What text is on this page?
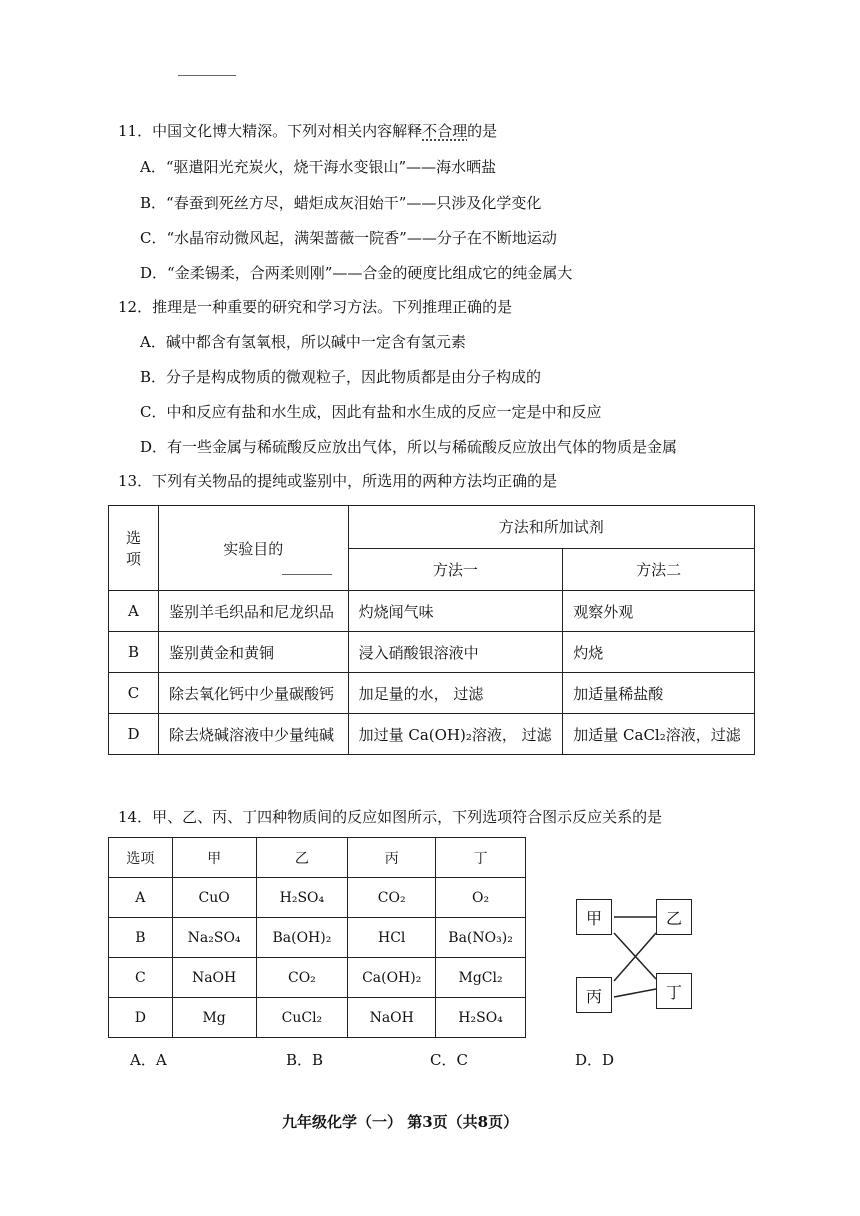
11．中国文化博大精深。下列对相关内容解释不合理的是
A．“驱遣阳光充炭火，烧干海水变银山”——海水晒盐
B．“春蚕到死丝方尽，蜡炬成灰泪始干”——只涉及化学变化
C．“水晶帘动微风起，满架蔷薇一院香”——分子在不断地运动
D．“金柔锡柔，合两柔则刚”——合金的硬度比组成它的纯金属大
12．推理是一种重要的研究和学习方法。下列推理正确的是
A．碱中都含有氢氧根，所以碱中一定含有氢元素
B．分子是构成物质的微观粒子，因此物质都是由分子构成的
C．中和反应有盐和水生成，因此有盐和水生成的反应一定是中和反应
D．有一些金属与稀硫酸反应放出气体，所以与稀硫酸反应放出气体的物质是金属
13．下列有关物品的提纯或鉴别中，所选用的两种方法均正确的是
选项	实验目的	方法和所加试剂	
		方法一	方法二
A	鉴别羊毛织品和尼龙织品	灼烧闻气味	观察外观
B	鉴别黄金和黄铜	浸入硝酸银溶液中	灼烧
C	除去氧化钙中少量碳酸钙	加足量的水， 过滤	加适量稀盐酸
D	除去烧碱溶液中少量纯碱	加过量 Ca(OH)₂溶液， 过滤	加适量 CaCl₂溶液，过滤
14．甲、乙、丙、丁四种物质间的反应如图所示，下列选项符合图示反应关系的是
选项	甲	乙	丙	丁
A	CuO	H₂SO₄	CO₂	O₂
B	Na₂SO₄	Ba(OH)₂	HCl	Ba(NO₃)₂
C	NaOH	CO₂	Ca(OH)₂	MgCl₂
D	Mg	CuCl₂	NaOH	H₂SO₄
甲	乙
丙	丁
A．A	B．B	C．C	D．D
九年级化学（一） 第3页（共8页）
